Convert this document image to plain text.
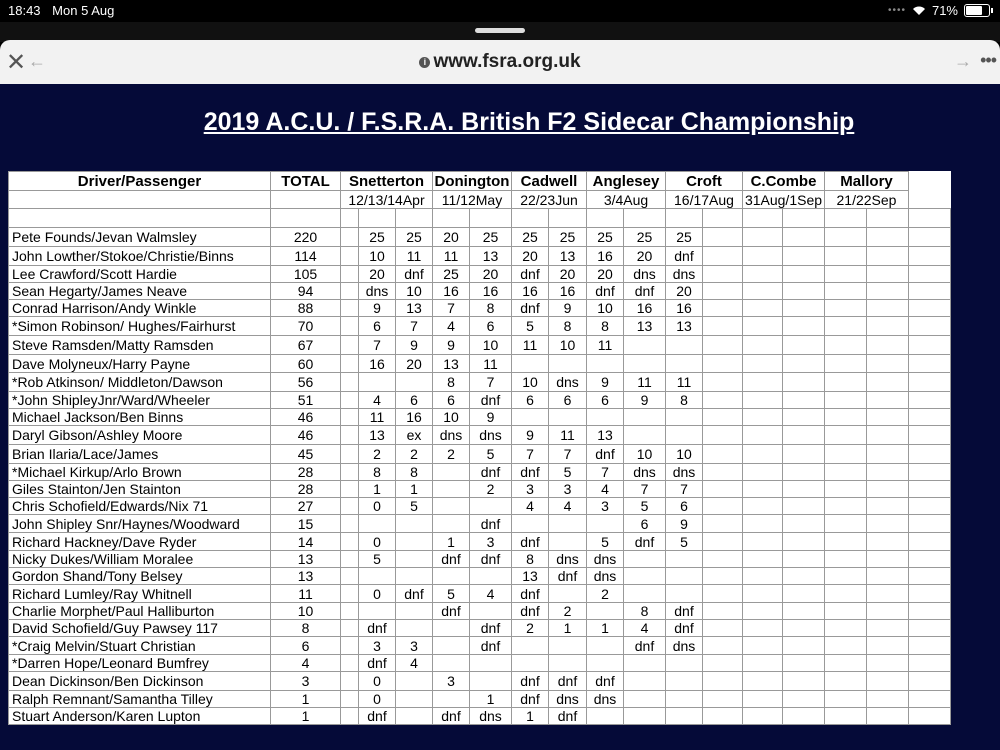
18:43 Mon 5 Aug	•••• 71%
✕ ←	i www.fsra.org.uk	→ •••
2019 A.C.U. / F.S.R.A. British F2 Sidecar Championship
Driver/Passenger	TOTAL	Snetterton			Donington		Cadwell		Anglesey		Croft		C.Combe		Mallory		
		12/13/14Apr			11/12May		22/23Jun		3/4Aug		16/17Aug		31Aug/1Sep		21/22Sep		

Pete Founds/Jevan Walmsley	220		25	25	20	25	25	25	25	25	25						
John Lowther/Stokoe/Christie/Binns	114		10	11	11	13	20	13	16	20	dnf						
Lee Crawford/Scott Hardie	105		20	dnf	25	20	dnf	20	20	dns	dns						
Sean Hegarty/James Neave	94		dns	10	16	16	16	16	dnf	dnf	20						
Conrad Harrison/Andy Winkle	88		9	13	7	8	dnf	9	10	16	16						
*Simon Robinson/ Hughes/Fairhurst	70		6	7	4	6	5	8	8	13	13						
Steve Ramsden/Matty Ramsden	67		7	9	9	10	11	10	11								
Dave Molyneux/Harry Payne	60		16	20	13	11											
*Rob Atkinson/ Middleton/Dawson	56				8	7	10	dns	9	11	11						
*John ShipleyJnr/Ward/Wheeler	51		4	6	6	dnf	6	6	6	9	8						
Michael Jackson/Ben Binns	46		11	16	10	9											
Daryl Gibson/Ashley Moore	46		13	ex	dns	dns	9	11	13								
Brian Ilaria/Lace/James	45		2	2	2	5	7	7	dnf	10	10						
*Michael Kirkup/Arlo Brown	28		8	8		dnf	dnf	5	7	dns	dns						
Giles Stainton/Jen Stainton	28		1	1		2	3	3	4	7	7						
Chris Schofield/Edwards/Nix 71	27		0	5			4	4	3	5	6						
John Shipley Snr/Haynes/Woodward	15					dnf				6	9						
Richard Hackney/Dave Ryder	14		0		1	3	dnf		5	dnf	5						
Nicky Dukes/William Moralee	13		5		dnf	dnf	8	dns	dns								
Gordon Shand/Tony Belsey	13						13	dnf	dns								
Richard Lumley/Ray Whitnell	11		0	dnf	5	4	dnf		2								
Charlie Morphet/Paul Halliburton	10				dnf		dnf	2		8	dnf						
David Schofield/Guy Pawsey 117	8		dnf			dnf	2	1	1	4	dnf						
*Craig Melvin/Stuart Christian	6		3	3		dnf				dnf	dns						
*Darren Hope/Leonard Bumfrey	4		dnf	4													
Dean Dickinson/Ben Dickinson	3		0		3		dnf	dnf	dnf								
Ralph Remnant/Samantha Tilley	1		0			1	dnf	dns	dns								
Stuart Anderson/Karen Lupton	1		dnf		dnf	dns	1	dnf									
